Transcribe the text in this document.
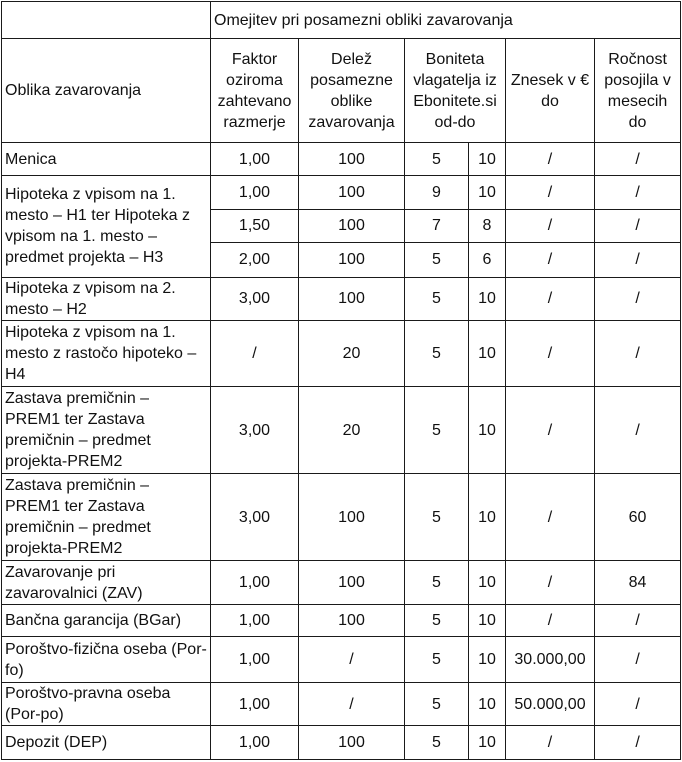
	Omejitev pri posamezni obliki zavarovanja					
Oblika zavarovanja	Faktor oziroma zahtevano razmerje	Delež posamezne oblike zavarovanja	Boniteta vlagatelja iz Ebonitete.si od-do		Znesek v € do	Ročnost posojila v mesecih do
Menica	1,00	100	5	10	/	/
Hipoteka z vpisom na 1. mesto – H1 ter Hipoteka z vpisom na 1. mesto – predmet projekta – H3	1,00	100	9	10	/	/
	1,50	100	7	8	/	/
	2,00	100	5	6	/	/
Hipoteka z vpisom na 2. mesto – H2	3,00	100	5	10	/	/
Hipoteka z vpisom na 1. mesto z rastočo hipoteko – H4	/	20	5	10	/	/
Zastava premičnin – PREM1 ter Zastava premičnin – predmet projekta-PREM2	3,00	20	5	10	/	/
Zastava premičnin – PREM1 ter Zastava premičnin – predmet projekta-PREM2	3,00	100	5	10	/	60
Zavarovanje pri zavarovalnici (ZAV)	1,00	100	5	10	/	84
Bančna garancija (BGar)	1,00	100	5	10	/	/
Poroštvo-fizična oseba (Por-fo)	1,00	/	5	10	30.000,00	/
Poroštvo-pravna oseba (Por-po)	1,00	/	5	10	50.000,00	/
Depozit (DEP)	1,00	100	5	10	/	/
